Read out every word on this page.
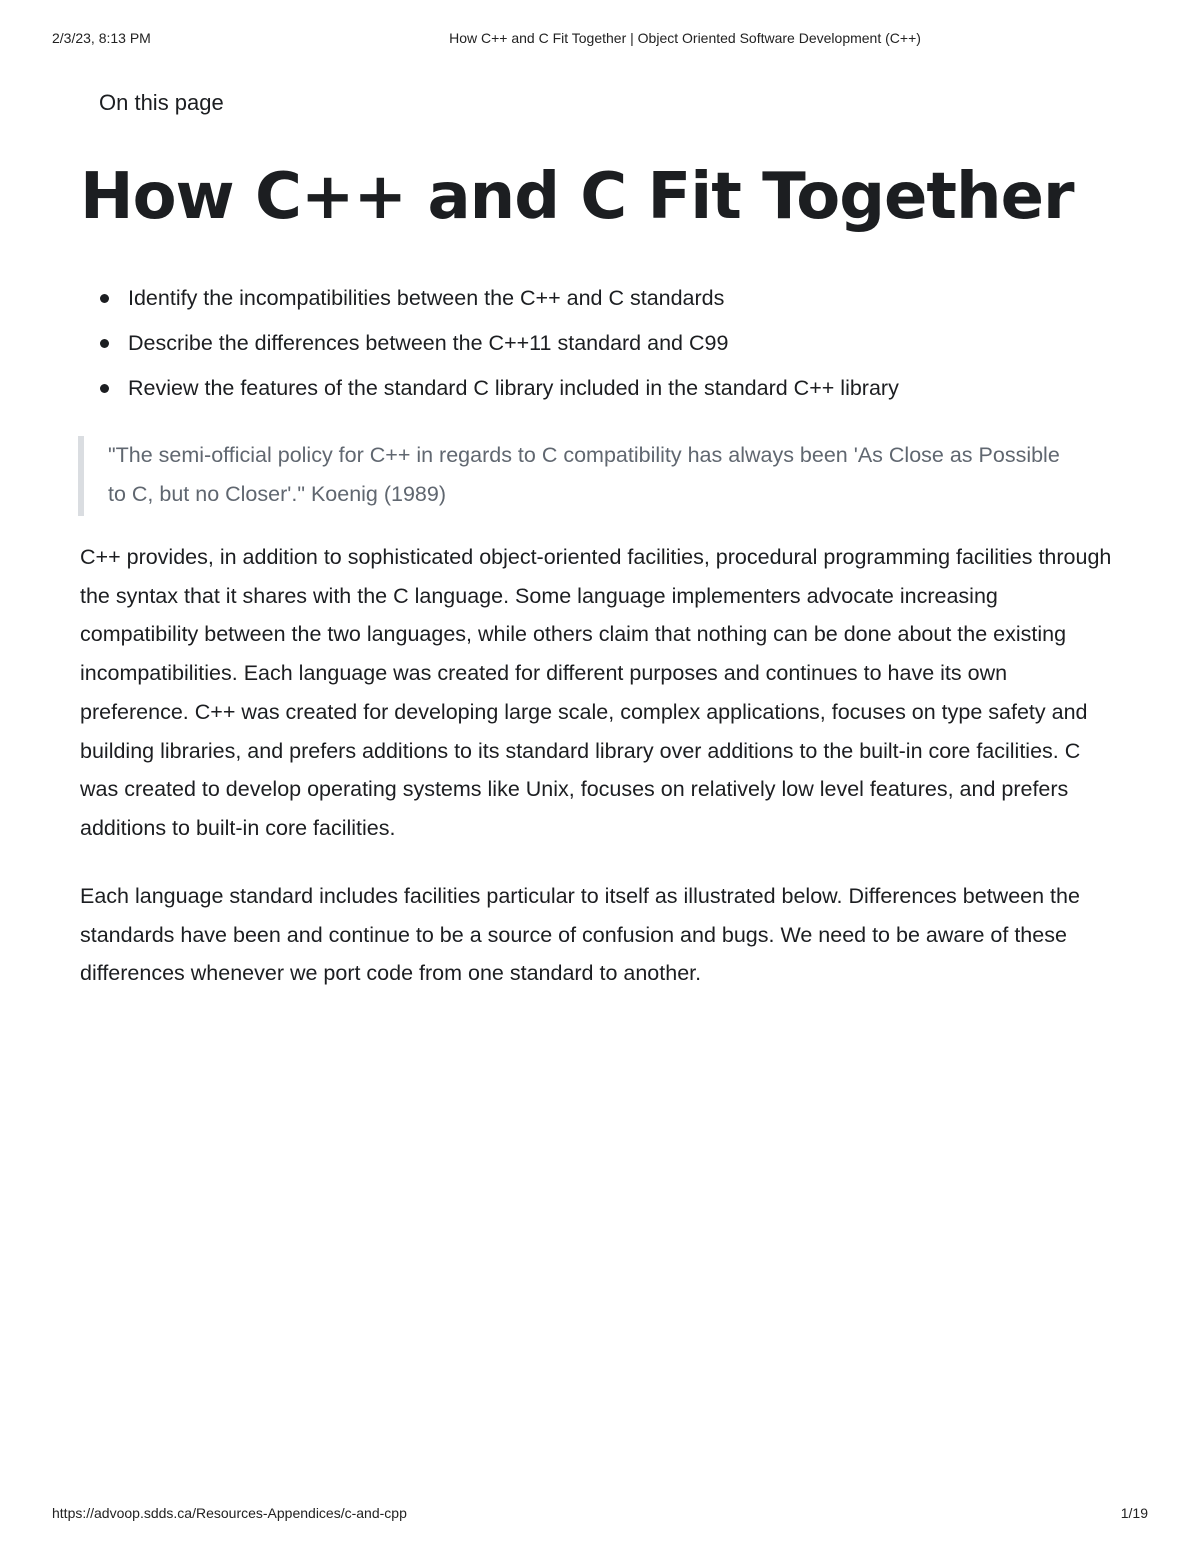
2/3/23, 8:13 PM	How C++ and C Fit Together | Object Oriented Software Development (C++)
On this page
How C++ and C Fit Together
Identify the incompatibilities between the C++ and C standards
Describe the differences between the C++11 standard and C99
Review the features of the standard C library included in the standard C++ library
"The semi-official policy for C++ in regards to C compatibility has always been 'As Close as Possible to C, but no Closer'." Koenig (1989)

C++ provides, in addition to sophisticated object-oriented facilities, procedural programming facilities through the syntax that it shares with the C language. Some language implementers advocate increasing compatibility between the two languages, while others claim that nothing can be done about the existing incompatibilities. Each language was created for different purposes and continues to have its own preference. C++ was created for developing large scale, complex applications, focuses on type safety and building libraries, and prefers additions to its standard library over additions to the built-in core facilities. C was created to develop operating systems like Unix, focuses on relatively low level features, and prefers additions to built-in core facilities.

Each language standard includes facilities particular to itself as illustrated below. Differences between the standards have been and continue to be a source of confusion and bugs. We need to be aware of these differences whenever we port code from one standard to another.

https://advoop.sdds.ca/Resources-Appendices/c-and-cpp	1/19
